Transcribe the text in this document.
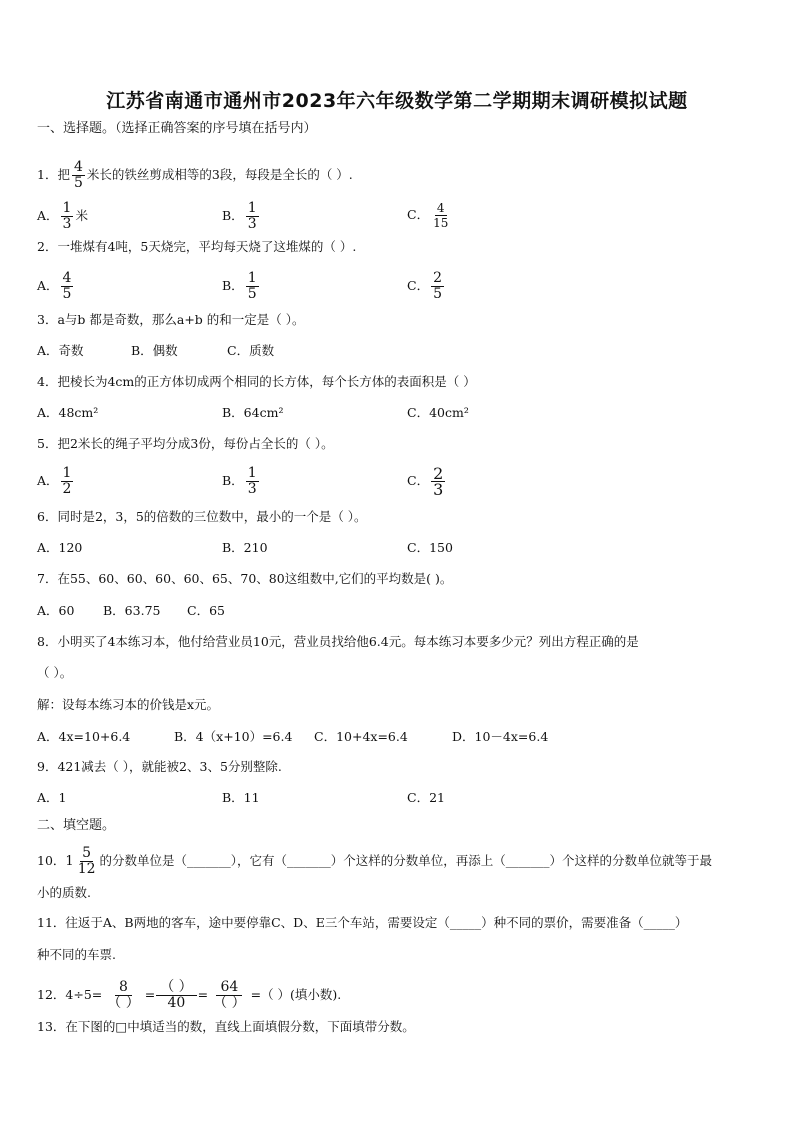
江苏省南通市通州市2023年六年级数学第二学期期末调研模拟试题
一、选择题。（选择正确答案的序号填在括号内）
1．把 $\frac{4}{5}$ 米长的铁丝剪成相等的3段，每段是全长的（ ）.
A． $\frac{1}{3}$ 米	B． $\frac{1}{3}$	C． $\frac{4}{15}$
2．一堆煤有4吨，5天烧完，平均每天烧了这堆煤的（ ）.
A． $\frac{4}{5}$	B． $\frac{1}{5}$	C． $\frac{2}{5}$
3．a与b 都是奇数，那么a+b 的和一定是（ ）。
A．奇数	B．偶数	C．质数
4．把棱长为4cm的正方体切成两个相同的长方体，每个长方体的表面积是（ ）
A．48cm²	B．64cm²	C．40cm²
5．把2米长的绳子平均分成3份，每份占全长的（ ）。
A． $\frac{1}{2}$	B． $\frac{1}{3}$	C． $\frac{2}{3}$
6．同时是2，3，5的倍数的三位数中，最小的一个是（ ）。
A．120	B．210	C．150
7．在55、60、60、60、60、65、70、80这组数中,它们的平均数是( )。
A．60 B．63.75 C．65
8．小明买了4本练习本，他付给营业员10元，营业员找给他6.4元。每本练习本要多少元？列出方程正确的是
（ ）。
解：设每本练习本的价钱是x元。
A．4x=10+6.4	B．4（x+10）=6.4 C．10+4x=6.4	D．10－4x=6.4
9．421减去（ ），就能被2、3、5分别整除.
A．1	B．11	C．21
二、填空题。
10． $1 \frac{5}{12}$ 的分数单位是（_______），它有（_______）个这样的分数单位，再添上（_______）个这样的分数单位就等于最
小的质数.
11．往返于A、B两地的客车，途中要停靠C、D、E三个车站，需要设定（_____）种不同的票价，需要准备（_____）
种不同的车票.
12．$4\div 5= \frac{8}{( )} = \frac{( )}{40} = \frac{64}{( )}$ =（ ）(填小数).
13．在下图的□中填适当的数，直线上面填假分数，下面填带分数。
